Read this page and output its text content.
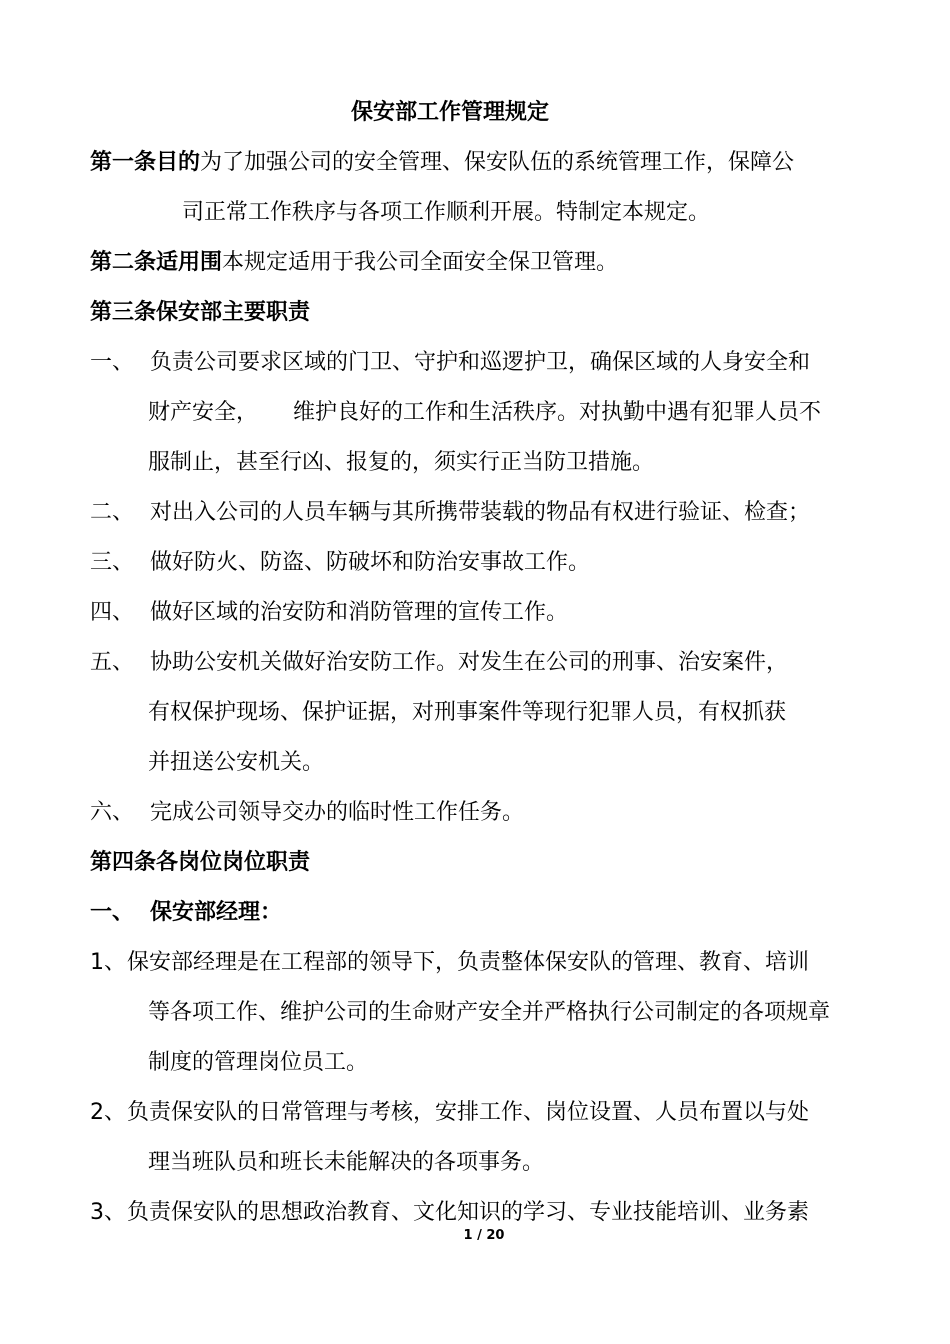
保安部工作管理规定
第一条目的为了加强公司的安全管理、保安队伍的系统管理工作，保障公
司正常工作秩序与各项工作顺利开展。特制定本规定。
第二条适用围本规定适用于我公司全面安全保卫管理。
第三条保安部主要职责
一、 负责公司要求区域的门卫、守护和巡逻护卫，确保区域的人身安全和
财产安全，     维护良好的工作和生活秩序。对执勤中遇有犯罪人员不
服制止，甚至行凶、报复的，须实行正当防卫措施。
二、 对出入公司的人员车辆与其所携带装载的物品有权进行验证、检查；
三、 做好防火、防盗、防破坏和防治安事故工作。
四、 做好区域的治安防和消防管理的宣传工作。
五、 协助公安机关做好治安防工作。对发生在公司的刑事、治安案件，
有权保护现场、保护证据，对刑事案件等现行犯罪人员，有权抓获
并扭送公安机关。
六、 完成公司领导交办的临时性工作任务。
第四条各岗位岗位职责
一、 保安部经理：
1、 保安部经理是在工程部的领导下，负责整体保安队的管理、教育、培训
等各项工作、维护公司的生命财产安全并严格执行公司制定的各项规章
制度的管理岗位员工。
2、 负责保安队的日常管理与考核，安排工作、岗位设置、人员布置以与处
理当班队员和班长未能解决的各项事务。
3、 负责保安队的思想政治教育、文化知识的学习、专业技能培训、业务素
1 / 20
